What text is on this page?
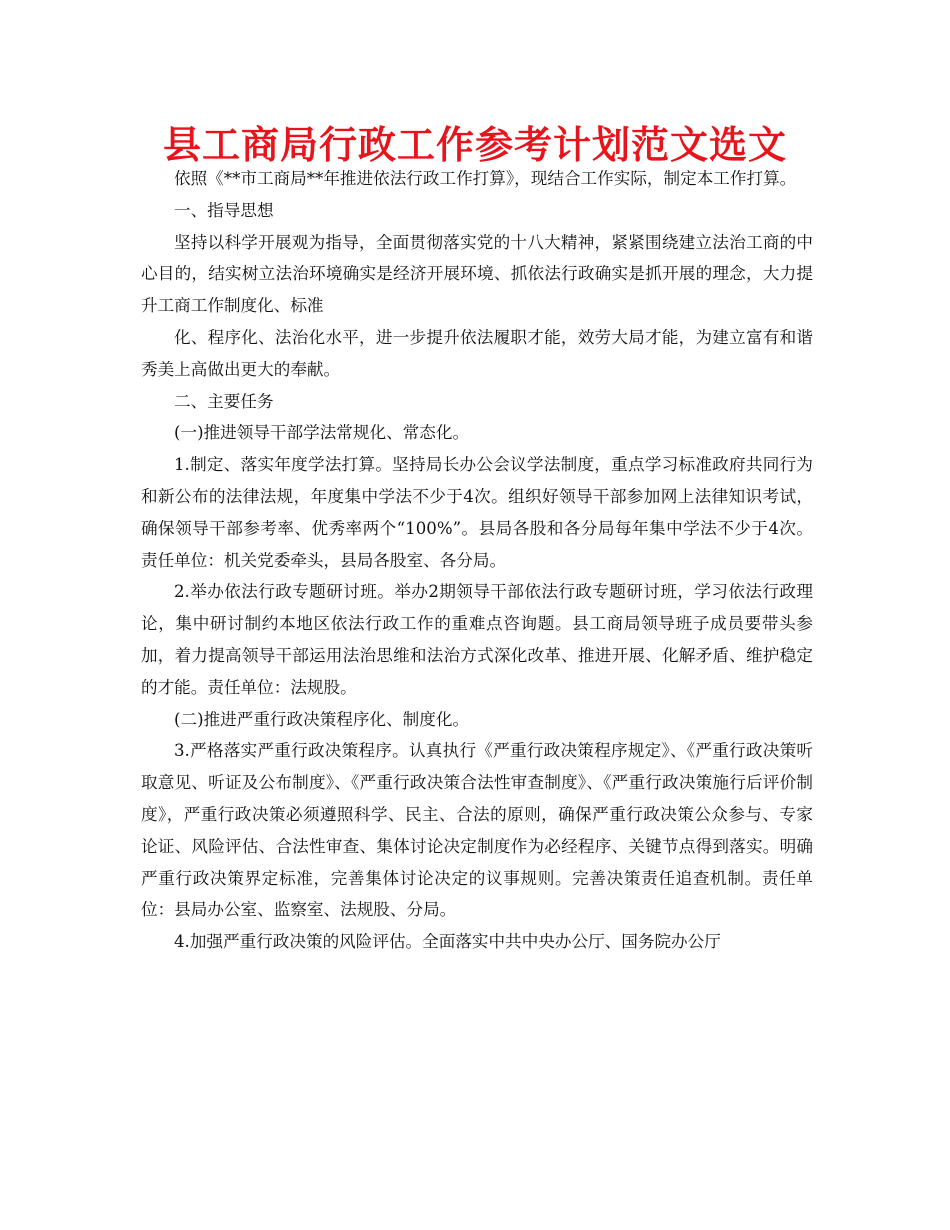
县工商局行政工作参考计划范文选文

依照《**市工商局**年推进依法行政工作打算》，现结合工作实际，制定本工作打算。

一、指导思想

坚持以科学开展观为指导，全面贯彻落实党的十八大精神，紧紧围绕建立法治工商的中心目的，结实树立法治环境确实是经济开展环境、抓依法行政确实是抓开展的理念，大力提升工商工作制度化、标准

化、程序化、法治化水平，进一步提升依法履职才能，效劳大局才能，为建立富有和谐秀美上高做出更大的奉献。

二、主要任务

(一)推进领导干部学法常规化、常态化。

1.制定、落实年度学法打算。坚持局长办公会议学法制度，重点学习标准政府共同行为和新公布的法律法规，年度集中学法不少于4次。组织好领导干部参加网上法律知识考试，确保领导干部参考率、优秀率两个“100%”。县局各股和各分局每年集中学法不少于4次。责任单位：机关党委牵头，县局各股室、各分局。

2.举办依法行政专题研讨班。举办2期领导干部依法行政专题研讨班，学习依法行政理论，集中研讨制约本地区依法行政工作的重难点咨询题。县工商局领导班子成员要带头参加，着力提高领导干部运用法治思维和法治方式深化改革、推进开展、化解矛盾、维护稳定的才能。责任单位：法规股。

(二)推进严重行政决策程序化、制度化。

3.严格落实严重行政决策程序。认真执行《严重行政决策程序规定》、《严重行政决策听取意见、听证及公布制度》、《严重行政决策合法性审查制度》、《严重行政决策施行后评价制度》，严重行政决策必须遵照科学、民主、合法的原则，确保严重行政决策公众参与、专家论证、风险评估、合法性审查、集体讨论决定制度作为必经程序、关键节点得到落实。明确严重行政决策界定标准，完善集体讨论决定的议事规则。完善决策责任追查机制。责任单位：县局办公室、监察室、法规股、分局。

4.加强严重行政决策的风险评估。全面落实中共中央办公厅、国务院办公厅
